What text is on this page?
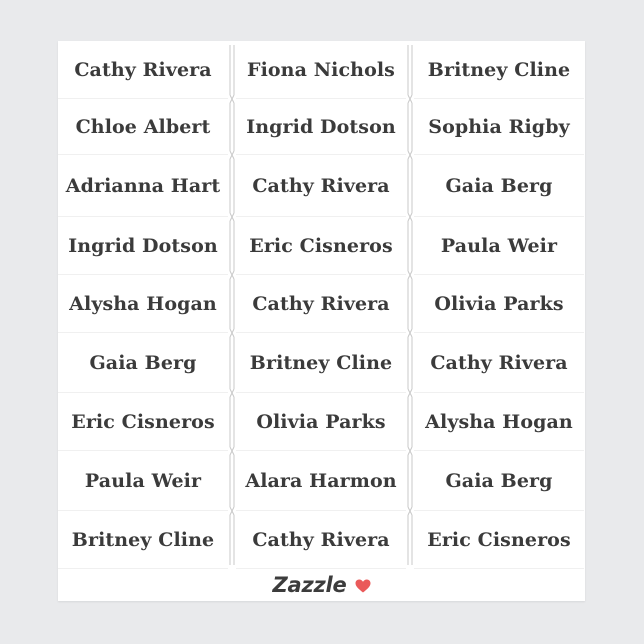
Cathy Rivera
Chloe Albert
Adrianna Hart
Ingrid Dotson
Alysha Hogan
Gaia Berg
Eric Cisneros
Paula Weir
Britney Cline
Fiona Nichols
Ingrid Dotson
Cathy Rivera
Eric Cisneros
Cathy Rivera
Britney Cline
Olivia Parks
Alara Harmon
Cathy Rivera
Britney Cline
Sophia Rigby
Gaia Berg
Paula Weir
Olivia Parks
Cathy Rivera
Alysha Hogan
Gaia Berg
Eric Cisneros
Zazzle
